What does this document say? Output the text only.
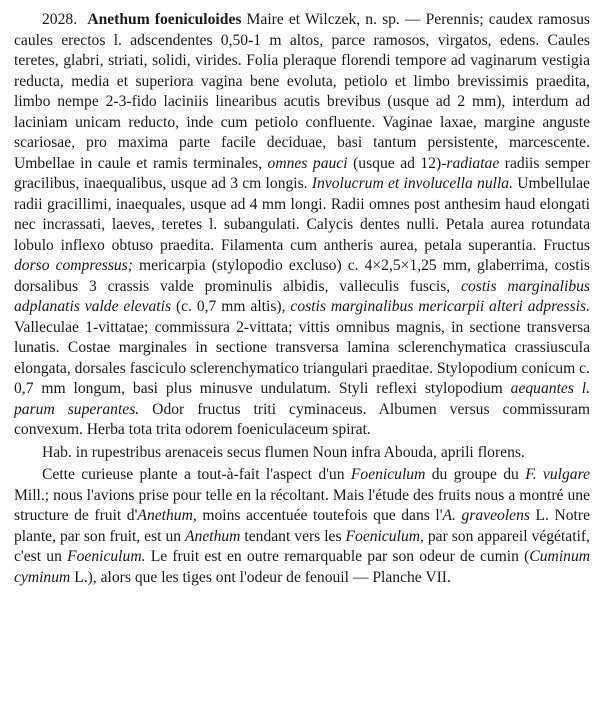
2028. Anethum foeniculoides Maire et Wilczek, n. sp. — Perennis; caudex ramosus caules erectos l. adscendentes 0,50-1 m altos, parce ramosos, virgatos, edens. Caules teretes, glabri, striati, solidi, virides. Folia pleraque florendi tempore ad vaginarum vestigia reducta, media et superiora vagina bene evoluta, petiolo et limbo brevissimis praedita, limbo nempe 2-3-fido laciniis linearibus acutis brevibus (usque ad 2 mm), interdum ad laciniam unicam reducto, inde cum petiolo confluente. Vaginae laxae, margine anguste scariosae, pro maxima parte facile deciduae, basi tantum persistente, marcescente. Umbellae in caule et ramis terminales, omnes pauci (usque ad 12)-radiatae radiis semper gracilibus, inaequalibus, usque ad 3 cm longis. Involucrum et involucella nulla. Umbellulae radii gracillimi, inaequales, usque ad 4 mm longi. Radii omnes post anthesim haud elongati nec incrassati, laeves, teretes l. subangulati. Calycis dentes nulli. Petala aurea rotundata lobulo inflexo obtuso praedita. Filamenta cum antheris aurea, petala superantia. Fructus dorso compressus; mericarpia (stylopodio excluso) c. 4×2,5×1,25 mm, glaberrima, costis dorsalibus 3 crassis valde prominulis albidis, valleculis fuscis, costis marginalibus adplanatis valde elevatis (c. 0,7 mm altis), costis marginalibus mericarpii alteri adpressis. Valleculae 1-vittatae; commissura 2-vittata; vittis omnibus magnis, in sectione transversa lunatis. Costae marginales in sectione transversa lamina sclerenchymatica crassiuscula elongata, dorsales fasciculo sclerenchymatico triangulari praeditae. Stylopodium conicum c. 0,7 mm longum, basi plus minusve undulatum. Styli reflexi stylopodium aequantes l. parum superantes. Odor fructus triti cyminaceus. Albumen versus commissuram convexum. Herba tota trita odorem foeniculaceum spirat.

Hab. in rupestribus arenaceis secus flumen Noun infra Abouda, aprili florens.

Cette curieuse plante a tout-à-fait l'aspect d'un Foeniculum du groupe du F. vulgare Mill.; nous l'avions prise pour telle en la récoltant. Mais l'étude des fruits nous a montré une structure de fruit d'Anethum, moins accentuée toutefois que dans l'A. graveolens L. Notre plante, par son fruit, est un Anethum tendant vers les Foeniculum, par son appareil végétatif, c'est un Foeniculum. Le fruit est en outre remarquable par son odeur de cumin (Cuminum cyminum L.), alors que les tiges ont l'odeur de fenouil — Planche VII.
